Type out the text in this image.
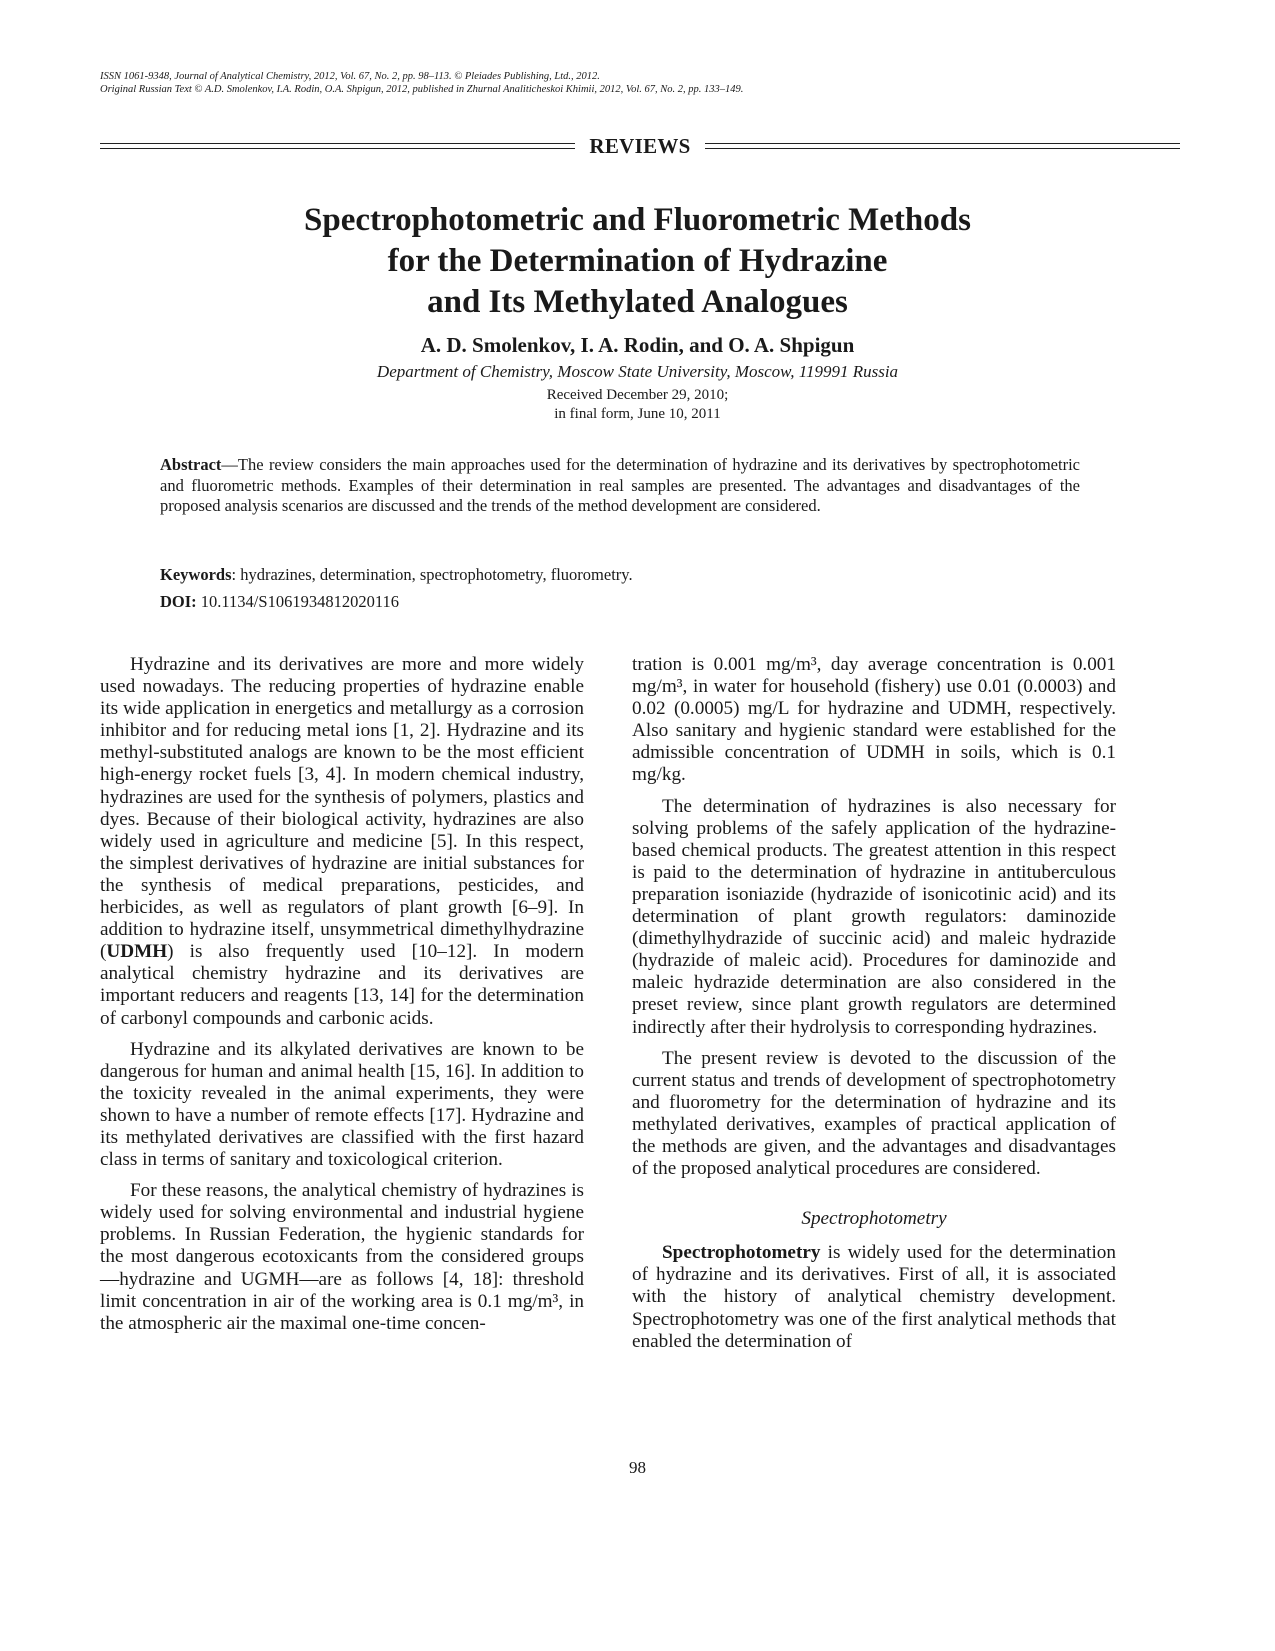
ISSN 1061-9348, Journal of Analytical Chemistry, 2012, Vol. 67, No. 2, pp. 98–113. © Pleiades Publishing, Ltd., 2012.
Original Russian Text © A.D. Smolenkov, I.A. Rodin, O.A. Shpigun, 2012, published in Zhurnal Analiticheskoi Khimii, 2012, Vol. 67, No. 2, pp. 133–149.
REVIEWS
Spectrophotometric and Fluorometric Methods
for the Determination of Hydrazine
and Its Methylated Analogues
A. D. Smolenkov, I. A. Rodin, and O. A. Shpigun
Department of Chemistry, Moscow State University, Moscow, 119991 Russia
Received December 29, 2010;
in final form, June 10, 2011
Abstract—The review considers the main approaches used for the determination of hydrazine and its derivatives by spectrophotometric and fluorometric methods. Examples of their determination in real samples are presented. The advantages and disadvantages of the proposed analysis scenarios are discussed and the trends of the method development are considered.
Keywords: hydrazines, determination, spectrophotometry, fluorometry.
DOI: 10.1134/S1061934812020116

Hydrazine and its derivatives are more and more widely used nowadays. The reducing properties of hydrazine enable its wide application in energetics and metallurgy as a corrosion inhibitor and for reducing metal ions [1, 2]. Hydrazine and its methyl-substituted analogs are known to be the most efficient high-energy rocket fuels [3, 4]. In modern chemical industry, hydrazines are used for the synthesis of polymers, plastics and dyes. Because of their biological activity, hydrazines are also widely used in agriculture and medicine [5]. In this respect, the simplest derivatives of hydrazine are initial substances for the synthesis of medical preparations, pesticides, and herbicides, as well as regulators of plant growth [6–9]. In addition to hydrazine itself, unsymmetrical dimethylhydrazine (UDMH) is also frequently used [10–12]. In modern analytical chemistry hydrazine and its derivatives are important reducers and reagents [13, 14] for the determination of carbonyl compounds and carbonic acids.

Hydrazine and its alkylated derivatives are known to be dangerous for human and animal health [15, 16]. In addition to the toxicity revealed in the animal experiments, they were shown to have a number of remote effects [17]. Hydrazine and its methylated derivatives are classified with the first hazard class in terms of sanitary and toxicological criterion.

For these reasons, the analytical chemistry of hydrazines is widely used for solving environmental and industrial hygiene problems. In Russian Federation, the hygienic standards for the most dangerous ecotoxicants from the considered groups—hydrazine and UGMH—are as follows [4, 18]: threshold limit concentration in air of the working area is 0.1 mg/m³, in the atmospheric air the maximal one-time concen-

tration is 0.001 mg/m³, day average concentration is 0.001 mg/m³, in water for household (fishery) use 0.01 (0.0003) and 0.02 (0.0005) mg/L for hydrazine and UDMH, respectively. Also sanitary and hygienic standard were established for the admissible concentration of UDMH in soils, which is 0.1 mg/kg.

The determination of hydrazines is also necessary for solving problems of the safely application of the hydrazine-based chemical products. The greatest attention in this respect is paid to the determination of hydrazine in antituberculous preparation isoniazide (hydrazide of isonicotinic acid) and its determination of plant growth regulators: daminozide (dimethylhydrazide of succinic acid) and maleic hydrazide (hydrazide of maleic acid). Procedures for daminozide and maleic hydrazide determination are also considered in the preset review, since plant growth regulators are determined indirectly after their hydrolysis to corresponding hydrazines.

The present review is devoted to the discussion of the current status and trends of development of spectrophotometry and fluorometry for the determination of hydrazine and its methylated derivatives, examples of practical application of the methods are given, and the advantages and disadvantages of the proposed analytical procedures are considered.

Spectrophotometry

Spectrophotometry is widely used for the determination of hydrazine and its derivatives. First of all, it is associated with the history of analytical chemistry development. Spectrophotometry was one of the first analytical methods that enabled the determination of

98
